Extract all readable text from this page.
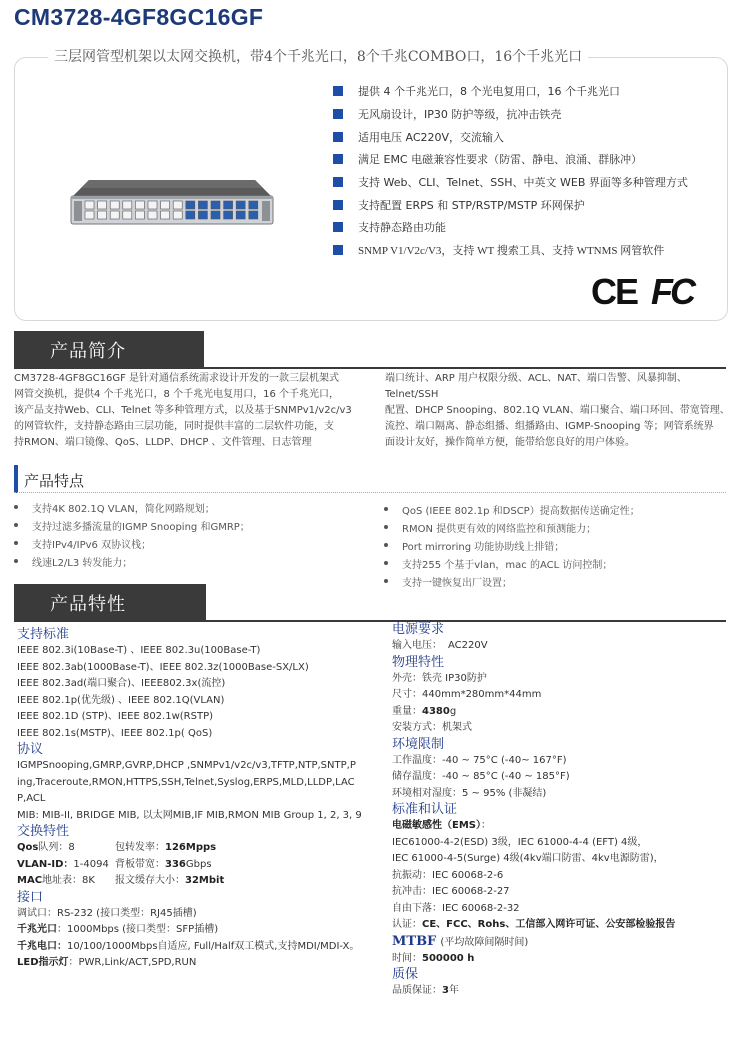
CM3728-4GF8GC16GF
三层网管型机架以太网交换机，带4个千兆光口，8个千兆COMBO口，16个千兆光口
提供 4 个千兆光口，8 个光电复用口，16 个千兆光口
无风扇设计，IP30 防护等级，抗冲击铁壳
适用电压 AC220V，交流输入
满足 EMC 电磁兼容性要求（防雷、静电、浪涌、群脉冲）
支持 Web、CLI、Telnet、SSH、中英文 WEB 界面等多种管理方式
支持配置 ERPS 和 STP/RSTP/MSTP 环网保护
支持静态路由功能
SNMP V1/V2c/V3，支持 WT 搜索工具、支持 WTNMS 网管软件
CE FC
产品简介
CM3728-4GF8GC16GF 是针对通信系统需求设计开发的一款三层机架式
网管交换机，提供4 个千兆光口，8 个千兆光电复用口，16 个千兆光口，
该产品支持Web、CLI、Telnet 等多种管理方式，以及基于SNMPv1/v2c/v3
的网管软件，支持静态路由三层功能，同时提供丰富的二层软件功能，支
持RMON、端口镜像、QoS、LLDP、DHCP 、文件管理、日志管理
端口统计、ARP 用户权限分级、ACL、NAT、端口告警、风暴抑制、Telnet/SSH
配置、DHCP Snooping、802.1Q VLAN、端口聚合、端口环回、带宽管理、
流控、端口隔离、静态组播、组播路由、IGMP-Snooping 等；网管系统界
面设计友好，操作简单方便，能带给您良好的用户体验。
产品特点
支持4K 802.1Q VLAN，简化网路规划；
支持过滤多播流量的IGMP Snooping 和GMRP；
支持IPv4/IPv6 双协议栈；
线速L2/L3 转发能力；
QoS (IEEE 802.1p 和DSCP）提高数据传送确定性；
RMON 提供更有效的网络监控和预测能力；
Port mirroring 功能协助线上排错；
支持255 个基于vlan，mac 的ACL 访问控制；
支持一键恢复出厂设置；
产品特性
支持标准
IEEE 802.3i(10Base-T) 、IEEE 802.3u(100Base-T)
IEEE 802.3ab(1000Base-T)、IEEE 802.3z(1000Base-SX/LX)
IEEE 802.3ad(端口聚合)、IEEE802.3x(流控)
IEEE 802.1p(优先级) 、IEEE 802.1Q(VLAN)
IEEE 802.1D (STP)、IEEE 802.1w(RSTP)
IEEE 802.1s(MSTP)、IEEE 802.1p( QoS)
协议
IGMPSnooping,GMRP,GVRP,DHCP ,SNMPv1/v2c/v3,TFTP,NTP,SNTP,P
ing,Traceroute,RMON,HTTPS,SSH,Telnet,Syslog,ERPS,MLD,LLDP,LAC
P,ACL
MIB: MIB-II, BRIDGE MIB, 以太网MIB,IF MIB,RMON MIB Group 1, 2, 3, 9
交换特性
Qos队列：8	包转发率：126Mpps
VLAN-ID：1-4094 背板带宽：336Gbps
MAC地址表：8K 报文缓存大小：32Mbit
接口
调试口：RS-232 (接口类型：RJ45插槽)
千兆光口：1000Mbps (接口类型：SFP插槽)
千兆电口：10/100/1000Mbps自适应, Full/Half双工模式,支持MDI/MDI-X。
LED指示灯：PWR,Link/ACT,SPD,RUN
电源要求
输入电压： AC220V
物理特性
外壳：铁壳 IP30防护
尺寸：440mm*280mm*44mm
重量：4380g
安装方式：机架式
环境限制
工作温度：-40 ~ 75°C (-40~ 167°F)
储存温度：-40 ~ 85°C (-40 ~ 185°F)
环境相对湿度：5 ~ 95% (非凝结)
标准和认证
电磁敏感性（EMS）：
IEC61000-4-2(ESD) 3级，IEC 61000-4-4 (EFT) 4级，
IEC 61000-4-5(Surge) 4级(4kv端口防雷、4kv电源防雷)，
抗振动：IEC 60068-2-6
抗冲击：IEC 60068-2-27
自由下落：IEC 60068-2-32
认证：CE、FCC、Rohs、工信部入网许可证、公安部检验报告
MTBF (平均故障间隔时间)
时间：500000 h
质保
品质保证：3年
